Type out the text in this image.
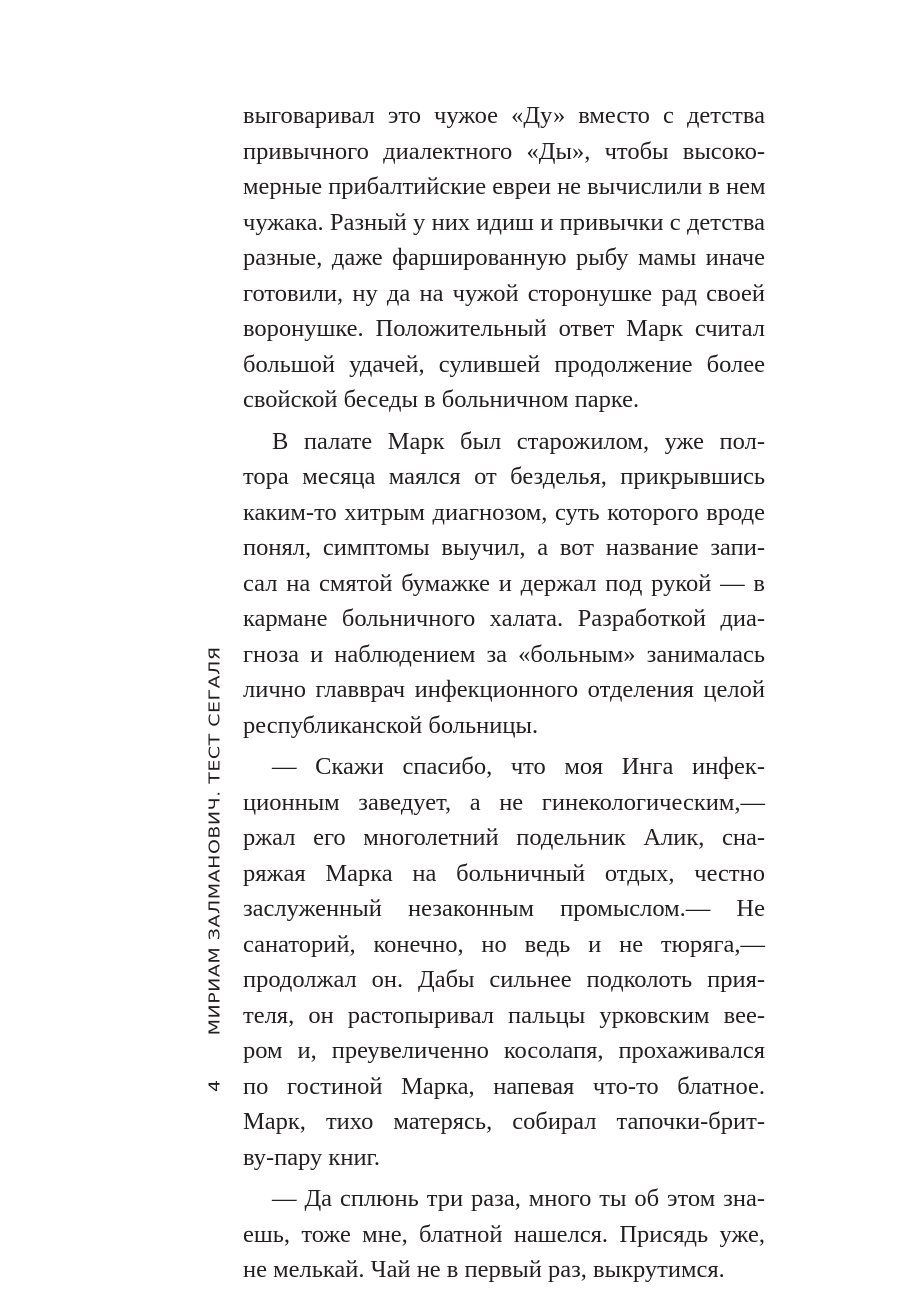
4
МИРИАМ ЗАЛМАНОВИЧ. ТЕСТ СЕГАЛЯ
выговаривал это чужое «Ду» вместо с детства
привычного диалектного «Ды», чтобы высоко-
мерные прибалтийские евреи не вычислили в нем
чужака. Разный у них идиш и привычки с детства
разные, даже фаршированную рыбу мамы иначе
готовили, ну да на чужой сторонушке рад своей
воронушке. Положительный ответ Марк считал
большой удачей, сулившей продолжение более
свойской беседы в больничном парке.
В палате Марк был старожилом, уже пол-
тора месяца маялся от безделья, прикрывшись
каким-то хитрым диагнозом, суть которого вроде
понял, симптомы выучил, а вот название запи-
сал на смятой бумажке и держал под рукой — в
кармане больничного халата. Разработкой диа-
гноза и наблюдением за «больным» занималась
лично главврач инфекционного отделения целой
республиканской больницы.
— Скажи спасибо, что моя Инга инфек-
ционным заведует, а не гинекологическим,—
ржал его многолетний подельник Алик, сна-
ряжая Марка на больничный отдых, честно
заслуженный незаконным промыслом.— Не
санаторий, конечно, но ведь и не тюряга,—
продолжал он. Дабы сильнее подколоть прия-
теля, он растопыривал пальцы урковским вее-
ром и, преувеличенно косолапя, прохаживался
по гостиной Марка, напевая что-то блатное.
Марк, тихо матерясь, собирал тапочки-брит-
ву-пару книг.
— Да сплюнь три раза, много ты об этом зна-
ешь, тоже мне, блатной нашелся. Присядь уже,
не мелькай. Чай не в первый раз, выкрутимся.
